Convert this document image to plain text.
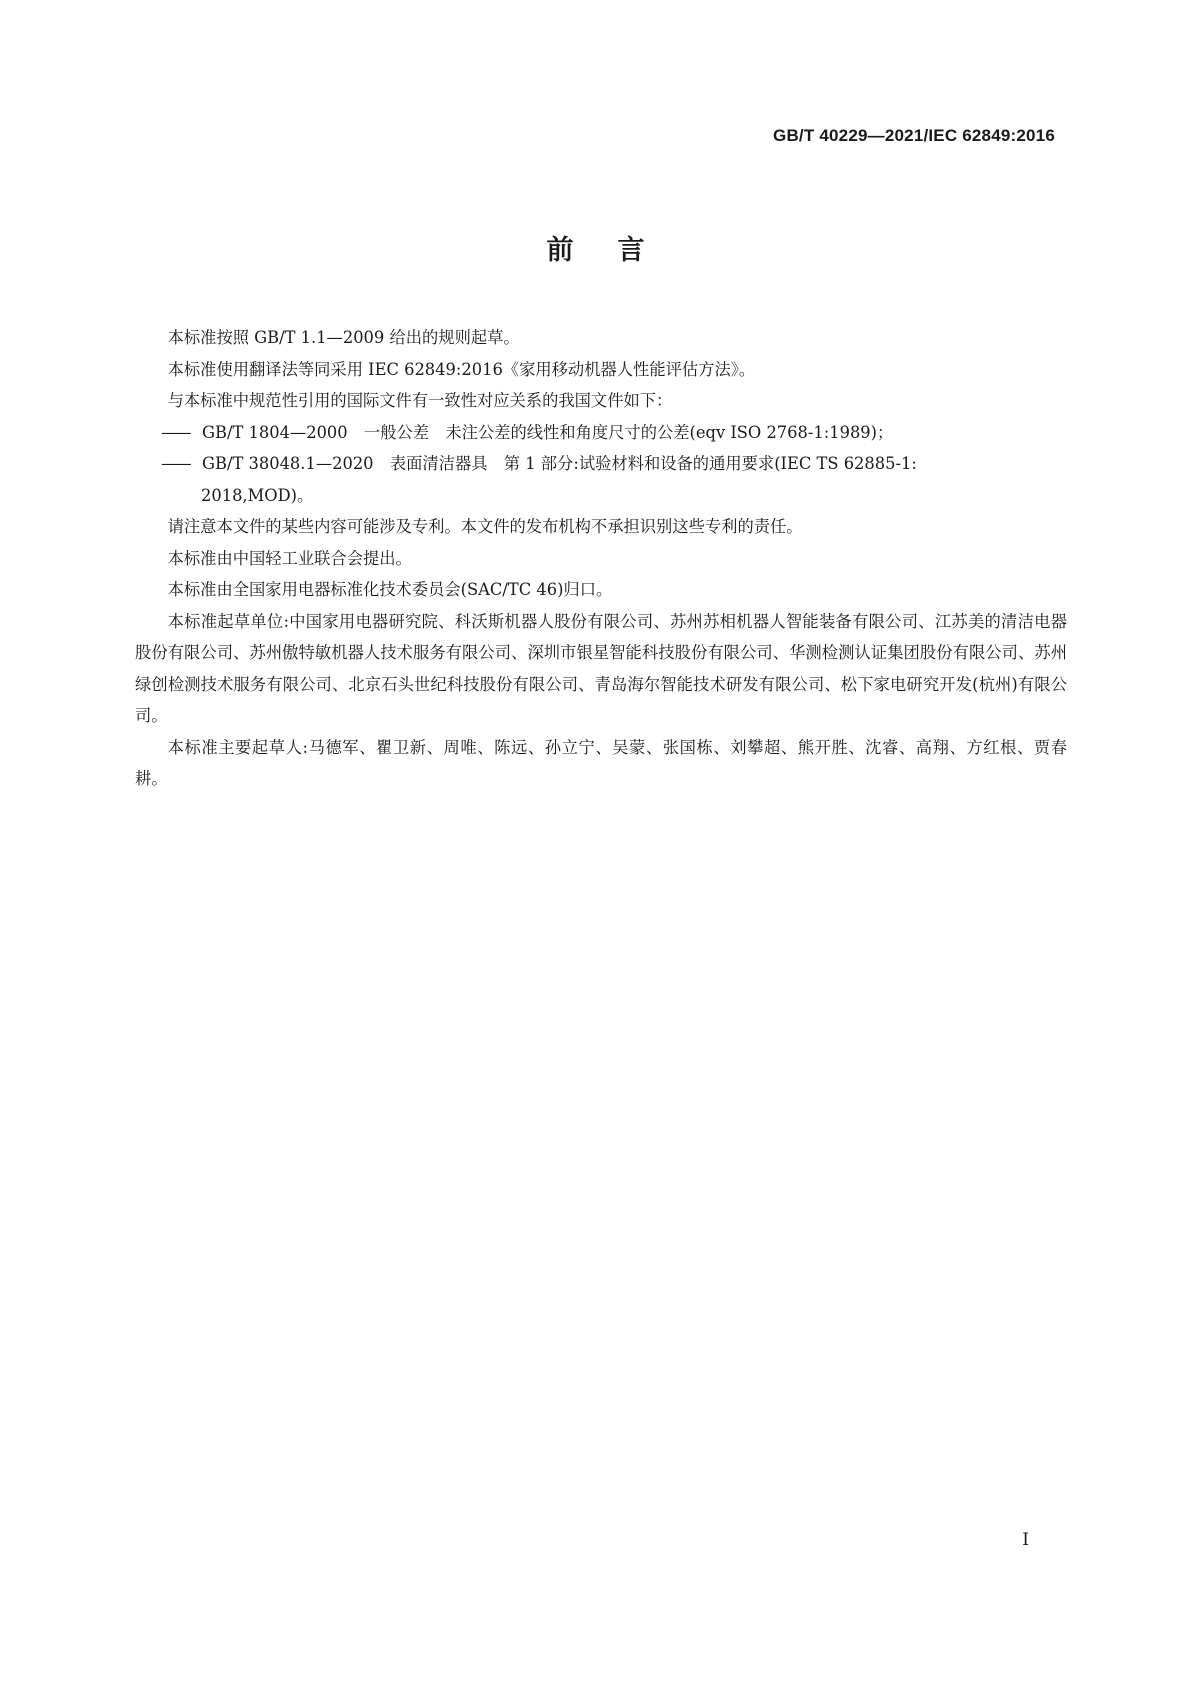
GB/T 40229—2021/IEC 62849:2016
前言

本标准按照 GB/T 1.1—2009 给出的规则起草。

本标准使用翻译法等同采用 IEC 62849:2016《家用移动机器人性能评估方法》。

与本标准中规范性引用的国际文件有一致性对应关系的我国文件如下：

—— GB/T 1804—2000　一般公差　未注公差的线性和角度尺寸的公差(eqv ISO 2768-1:1989)；

—— GB/T 38048.1—2020　表面清洁器具　第 1 部分:试验材料和设备的通用要求(IEC TS 62885-1:

2018,MOD)。

请注意本文件的某些内容可能涉及专利。本文件的发布机构不承担识别这些专利的责任。

本标准由中国轻工业联合会提出。

本标准由全国家用电器标准化技术委员会(SAC/TC 46)归口。

本标准起草单位:中国家用电器研究院、科沃斯机器人股份有限公司、苏州苏相机器人智能装备有限公司、江苏美的清洁电器股份有限公司、苏州傲特敏机器人技术服务有限公司、深圳市银星智能科技股份有限公司、华测检测认证集团股份有限公司、苏州绿创检测技术服务有限公司、北京石头世纪科技股份有限公司、青岛海尔智能技术研发有限公司、松下家电研究开发(杭州)有限公司。

本标准主要起草人:马德军、瞿卫新、周唯、陈远、孙立宁、吴蒙、张国栋、刘攀超、熊开胜、沈睿、高翔、方红根、贾春耕。

I
